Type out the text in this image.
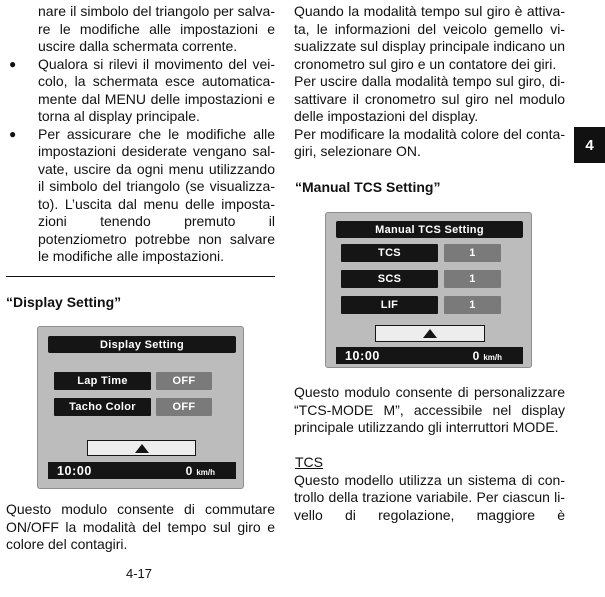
nare il simbolo del triangolo per salva-
re le modifiche alle impostazioni e
uscire dalla schermata corrente.
●	Qualora si rilevi il movimento del vei-
colo, la schermata esce automatica-
mente dal MENU delle impostazioni e
torna al display principale.
●	Per assicurare che le modifiche alle
impostazioni desiderate vengano sal-
vate, uscire da ogni menu utilizzando
il simbolo del triangolo (se visualizza-
to). L’uscita dal menu delle imposta-
zioni tenendo premuto il
potenziometro potrebbe non salvare
le modifiche alle impostazioni.
“Display Setting”
Display Setting
Lap Time	OFF
Tacho Color	OFF
10:00	0 km/h
Questo modulo consente di commutare
ON/OFF la modalità del tempo sul giro e
colore del contagiri.
Quando la modalità tempo sul giro è attiva-
ta, le informazioni del veicolo gemello vi-
sualizzate sul display principale indicano un
cronometro sul giro e un contatore dei giri.
Per uscire dalla modalità tempo sul giro, di-
sattivare il cronometro sul giro nel modulo
delle impostazioni del display.
Per modificare la modalità colore del conta-
giri, selezionare ON.
“Manual TCS Setting”
Manual TCS Setting
TCS	1
SCS	1
LIF	1
10:00	0 km/h
Questo modulo consente di personalizzare
“TCS-MODE M”, accessibile nel display
principale utilizzando gli interruttori MODE.
TCS
Questo modello utilizza un sistema di con-
trollo della trazione variabile. Per ciascun li-
vello di regolazione, maggiore è
4
4-17
